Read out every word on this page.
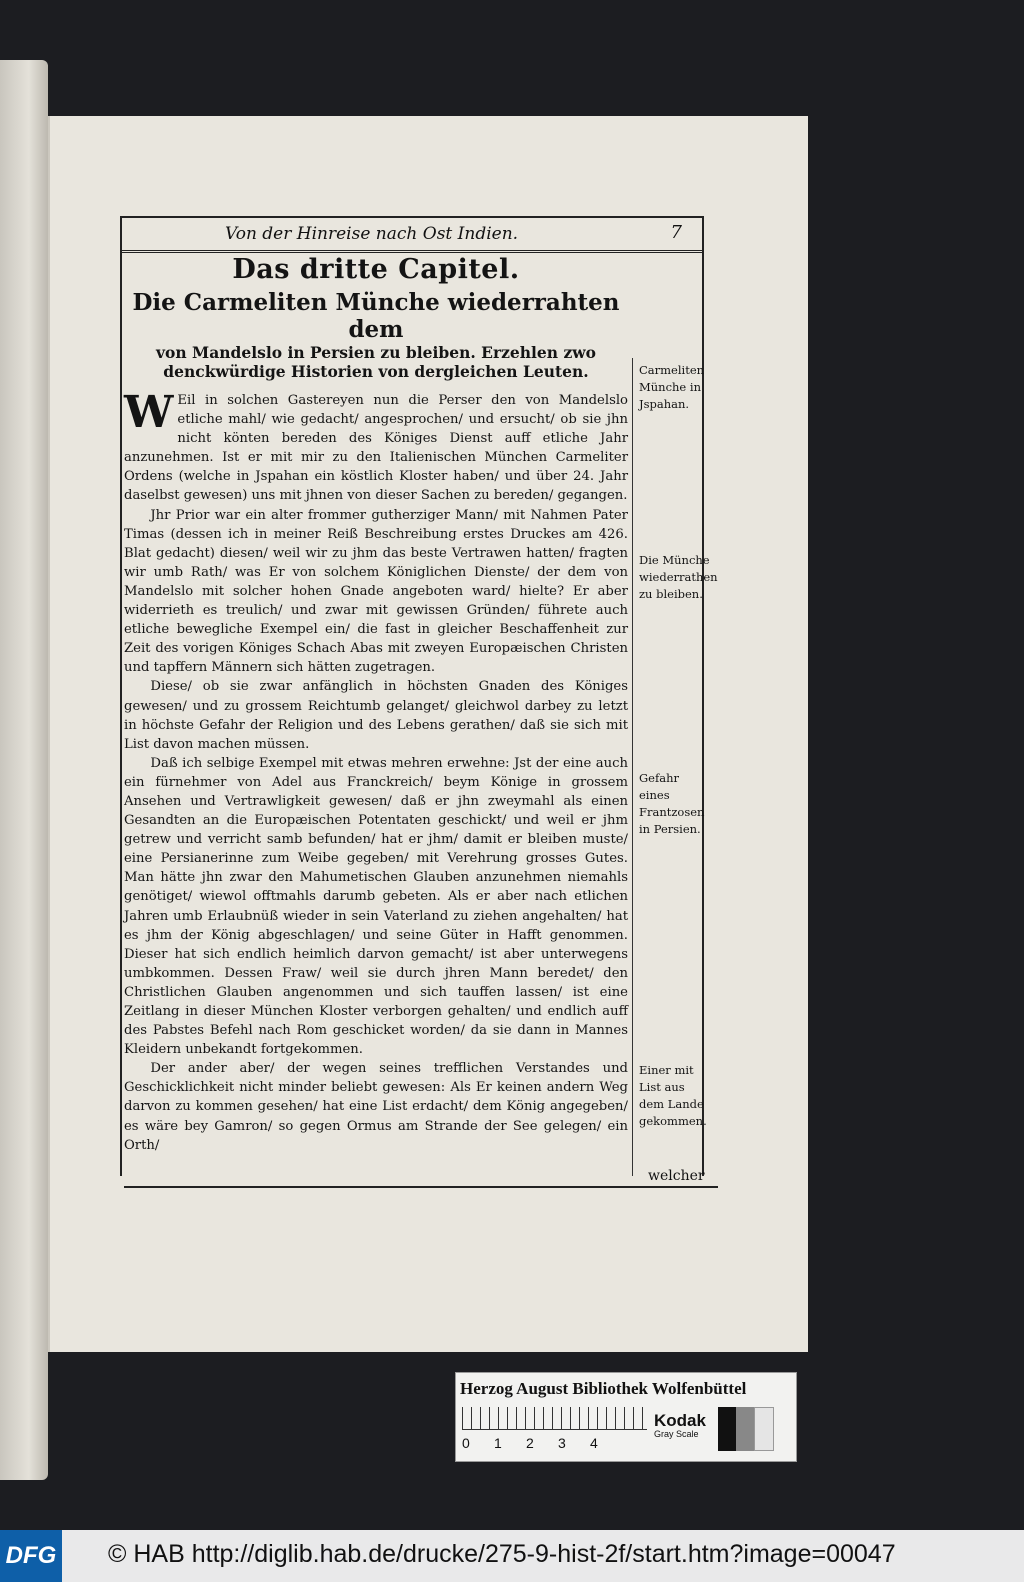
Von der Hinreise nach Ost Indien.	7
Das dritte Capitel.
Die Carmeliten Münche wiederrahten dem
von Mandelslo in Persien zu bleiben. Erzehlen zwo denckwürdige Historien von dergleichen Leuten.

WEil in solchen Gastereyen nun die Perser den von Mandelslo etliche mahl/ wie gedacht/ angesprochen/ und ersucht/ ob sie jhn nicht könten bereden des Königes Dienst auff etliche Jahr anzunehmen. Ist er mit mir zu den Italienischen München Carmeliter Ordens (welche in Jspahan ein köstlich Kloster haben/ und über 24. Jahr daselbst gewesen) uns mit jhnen von dieser Sachen zu bereden/ gegangen.

Jhr Prior war ein alter frommer gutherziger Mann/ mit Nahmen Pater Timas (dessen ich in meiner Reiß Beschreibung erstes Druckes am 426. Blat gedacht) diesen/ weil wir zu jhm das beste Vertrawen hatten/ fragten wir umb Rath/ was Er von solchem Königlichen Dienste/ der dem von Mandelslo mit solcher hohen Gnade angeboten ward/ hielte? Er aber widerrieth es treulich/ und zwar mit gewissen Gründen/ führete auch etliche bewegliche Exempel ein/ die fast in gleicher Beschaffenheit zur Zeit des vorigen Königes Schach Abas mit zweyen Europæischen Christen und tapffern Männern sich hätten zugetragen.

Diese/ ob sie zwar anfänglich in höchsten Gnaden des Königes gewesen/ und zu grossem Reichtumb gelanget/ gleichwol darbey zu letzt in höchste Gefahr der Religion und des Lebens gerathen/ daß sie sich mit List davon machen müssen.

Daß ich selbige Exempel mit etwas mehren erwehne: Jst der eine auch ein fürnehmer von Adel aus Franckreich/ beym Könige in grossem Ansehen und Vertrawligkeit gewesen/ daß er jhn zweymahl als einen Gesandten an die Europæischen Potentaten geschickt/ und weil er jhm getrew und verricht samb befunden/ hat er jhm/ damit er bleiben muste/ eine Persianerinne zum Weibe gegeben/ mit Verehrung grosses Gutes. Man hätte jhn zwar den Mahumetischen Glauben anzunehmen niemahls genötiget/ wiewol offtmahls darumb gebeten. Als er aber nach etlichen Jahren umb Erlaubnüß wieder in sein Vaterland zu ziehen angehalten/ hat es jhm der König abgeschlagen/ und seine Güter in Hafft genommen. Dieser hat sich endlich heimlich darvon gemacht/ ist aber unterwegens umbkommen. Dessen Fraw/ weil sie durch jhren Mann beredet/ den Christlichen Glauben angenommen und sich tauffen lassen/ ist eine Zeitlang in dieser München Kloster verborgen gehalten/ und endlich auff des Pabstes Befehl nach Rom geschicket worden/ da sie dann in Mannes Kleidern unbekandt fortgekommen.

Der ander aber/ der wegen seines trefflichen Verstandes und Geschicklichkeit nicht minder beliebt gewesen: Als Er keinen andern Weg darvon zu kommen gesehen/ hat eine List erdacht/ dem König angegeben/ es wäre bey Gamron/ so gegen Ormus am Strande der See gelegen/ ein Orth/

Carmeliten Münche in Jspahan.
Die Münche wiederrathen zu bleiben.
Gefahr eines Frantzosen in Persien.
Einer mit List aus dem Lande gekommen.
welcher
Herzog August Bibliothek Wolfenbüttel
0 1 2 3 4
Kodak
Gray Scale
DFG © HAB http://diglib.hab.de/drucke/275-9-hist-2f/start.htm?image=00047
